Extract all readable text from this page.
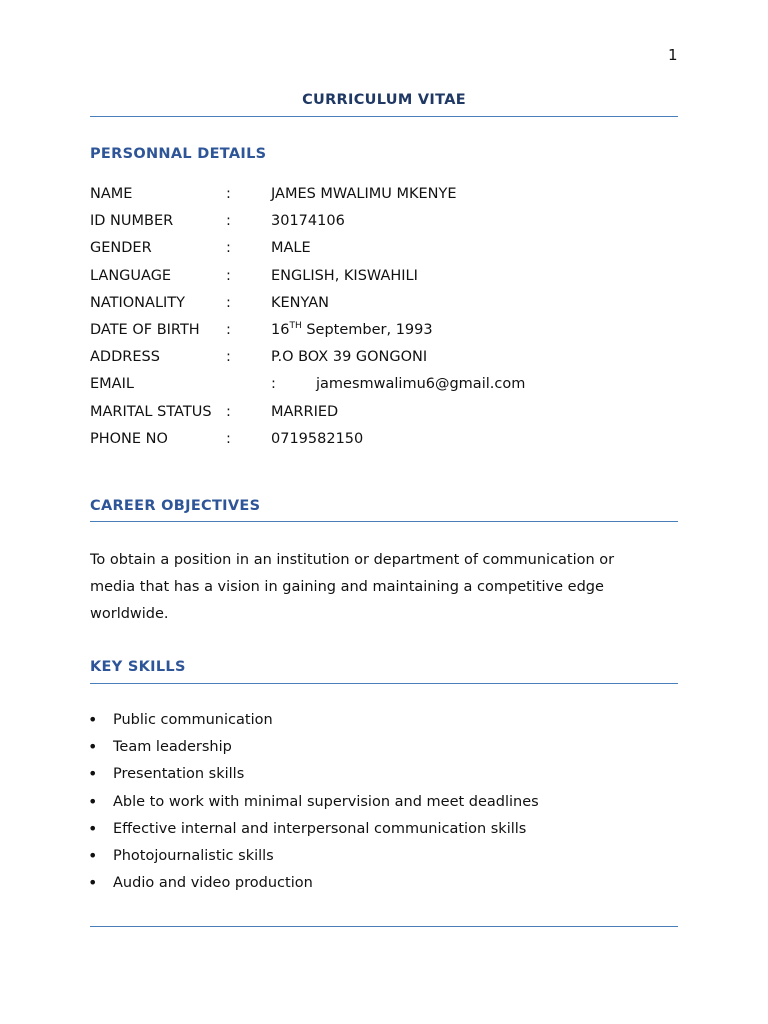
1
CURRICULUM VITAE
PERSONNAL DETAILS
NAME	:	JAMES MWALIMU MKENYE
ID NUMBER	:	30174106
GENDER	:	MALE
LANGUAGE	:	ENGLISH, KISWAHILI
NATIONALITY	:	KENYAN
DATE OF BIRTH :	16TH September, 1993
ADDRESS	:	P.O BOX 39 GONGONI
EMAIL	:	jamesmwalimu6@gmail.com
MARITAL STATUS :	MARRIED
PHONE NO	:	0719582150
CAREER OBJECTIVES
To obtain a position in an institution or department of communication or media that has a vision in gaining and maintaining a competitive edge worldwide.
KEY SKILLS
• Public communication
• Team leadership
• Presentation skills
• Able to work with minimal supervision and meet deadlines
• Effective internal and interpersonal communication skills
• Photojournalistic skills
• Audio and video production
